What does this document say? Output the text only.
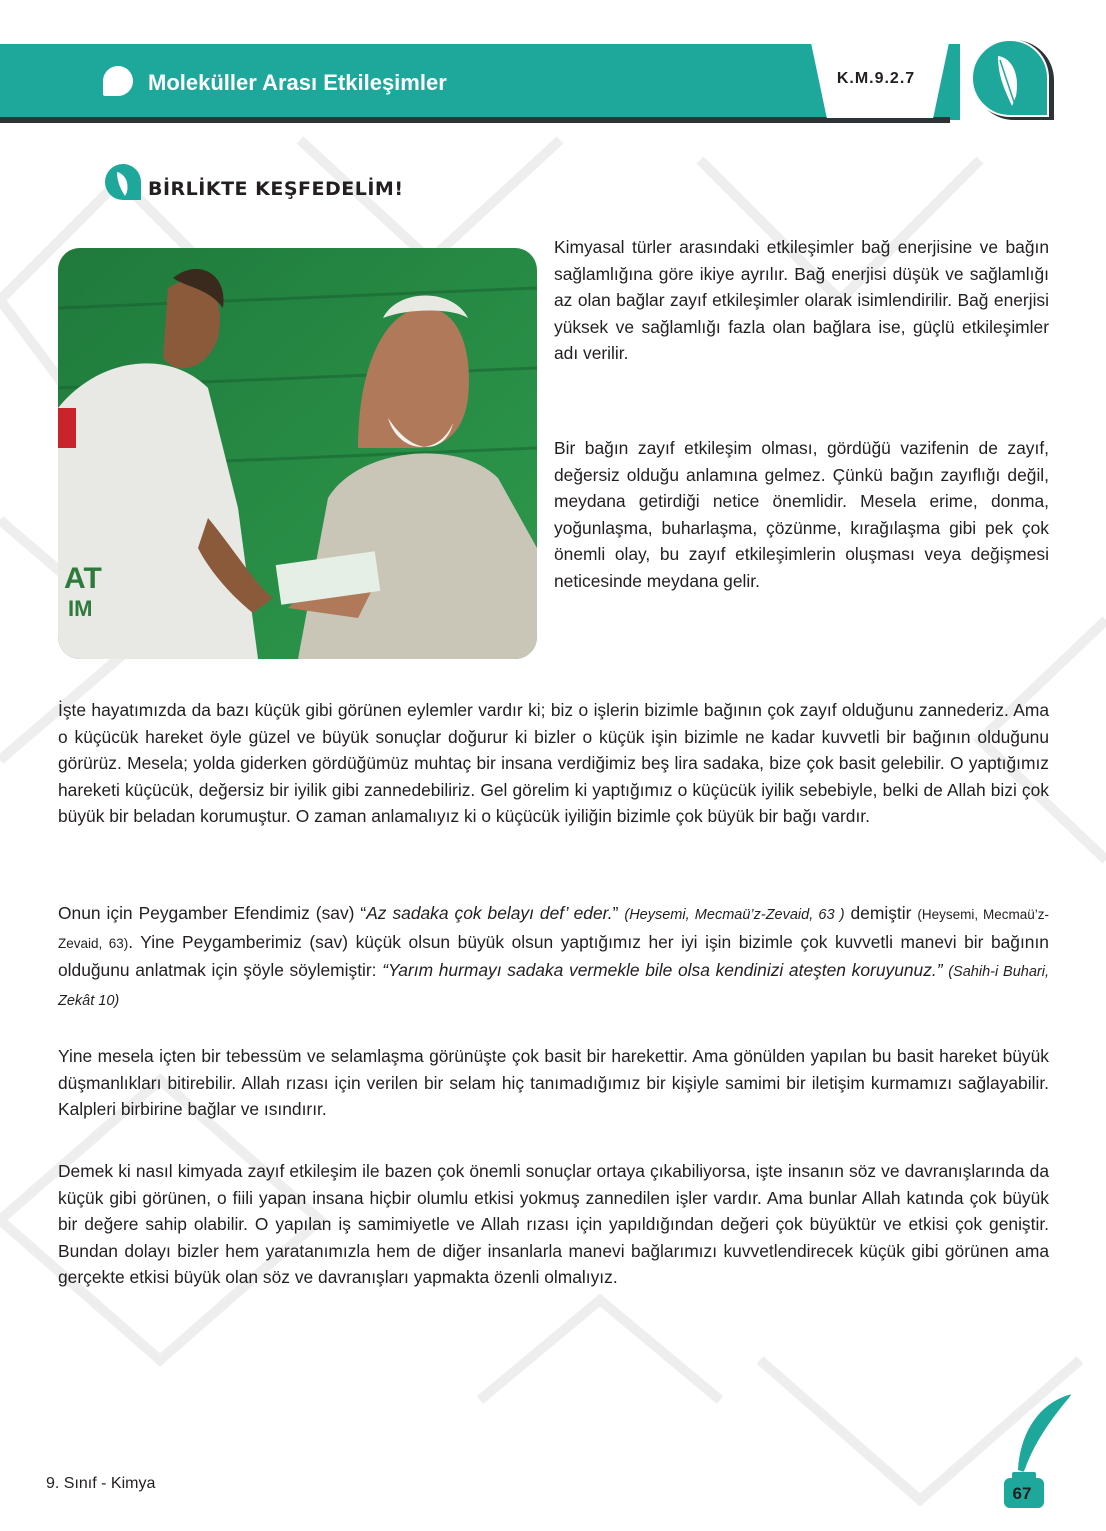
Moleküller Arası Etkileşimler	K.M.9.2.7
BİRLİKTE KEŞFEDELİM!
AT
IM
Kimyasal türler arasındaki etkileşimler bağ enerjisine ve bağın sağlamlığına göre ikiye ayrılır. Bağ enerjisi düşük ve sağlamlığı az olan bağlar zayıf etkileşimler olarak isimlendirilir. Bağ enerjisi yüksek ve sağlamlığı fazla olan bağlara ise, güçlü etkileşimler adı verilir.
Bir bağın zayıf etkileşim olması, gördüğü vazifenin de zayıf, değersiz olduğu anlamına gelmez. Çünkü bağın zayıflığı değil, meydana getirdiği netice önemlidir. Mesela erime, donma, yoğunlaşma, buharlaşma, çözünme, kırağılaşma gibi pek çok önemli olay, bu zayıf etkileşimlerin oluşması veya değişmesi neticesinde meydana gelir.
İşte hayatımızda da bazı küçük gibi görünen eylemler vardır ki; biz o işlerin bizimle bağının çok zayıf olduğunu zannederiz. Ama o küçücük hareket öyle güzel ve büyük sonuçlar doğurur ki bizler o küçük işin bizimle ne kadar kuvvetli bir bağının olduğunu görürüz. Mesela; yolda giderken gördüğümüz muhtaç bir insana verdiğimiz beş lira sadaka, bize çok basit gelebilir. O yaptığımız hareketi küçücük, değersiz bir iyilik gibi zannedebiliriz. Gel görelim ki yaptığımız o küçücük iyilik sebebiyle, belki de Allah bizi çok büyük bir beladan korumuştur. O zaman anlamalıyız ki o küçücük iyiliğin bizimle çok büyük bir bağı vardır.
Onun için Peygamber Efendimiz (sav) “Az sadaka çok belayı def’ eder.” (Heysemi, Mecmaü’z-Zevaid, 63 ) demiştir (Heysemi, Mecmaü’z-Zevaid, 63). Yine Peygamberimiz (sav) küçük olsun büyük olsun yaptığımız her iyi işin bizimle çok kuvvetli manevi bir bağının olduğunu anlatmak için şöyle söylemiştir: “Yarım hurmayı sadaka vermekle bile olsa kendinizi ateşten koruyunuz.” (Sahih-i Buhari, Zekât 10)
Yine mesela içten bir tebessüm ve selamlaşma görünüşte çok basit bir harekettir. Ama gönülden yapılan bu basit hareket büyük düşmanlıkları bitirebilir. Allah rızası için verilen bir selam hiç tanımadığımız bir kişiyle samimi bir iletişim kurmamızı sağlayabilir. Kalpleri birbirine bağlar ve ısındırır.
Demek ki nasıl kimyada zayıf etkileşim ile bazen çok önemli sonuçlar ortaya çıkabiliyorsa, işte insanın söz ve davranışlarında da küçük gibi görünen, o fiili yapan insana hiçbir olumlu etkisi yokmuş zannedilen işler vardır. Ama bunlar Allah katında çok büyük bir değere sahip olabilir. O yapılan iş samimiyetle ve Allah rızası için yapıldığından değeri çok büyüktür ve etkisi çok geniştir. Bundan dolayı bizler hem yaratanımızla hem de diğer insanlarla manevi bağlarımızı kuvvetlendirecek küçük gibi görünen ama gerçekte etkisi büyük olan söz ve davranışları yapmakta özenli olmalıyız.
9. Sınıf - Kimya
67
